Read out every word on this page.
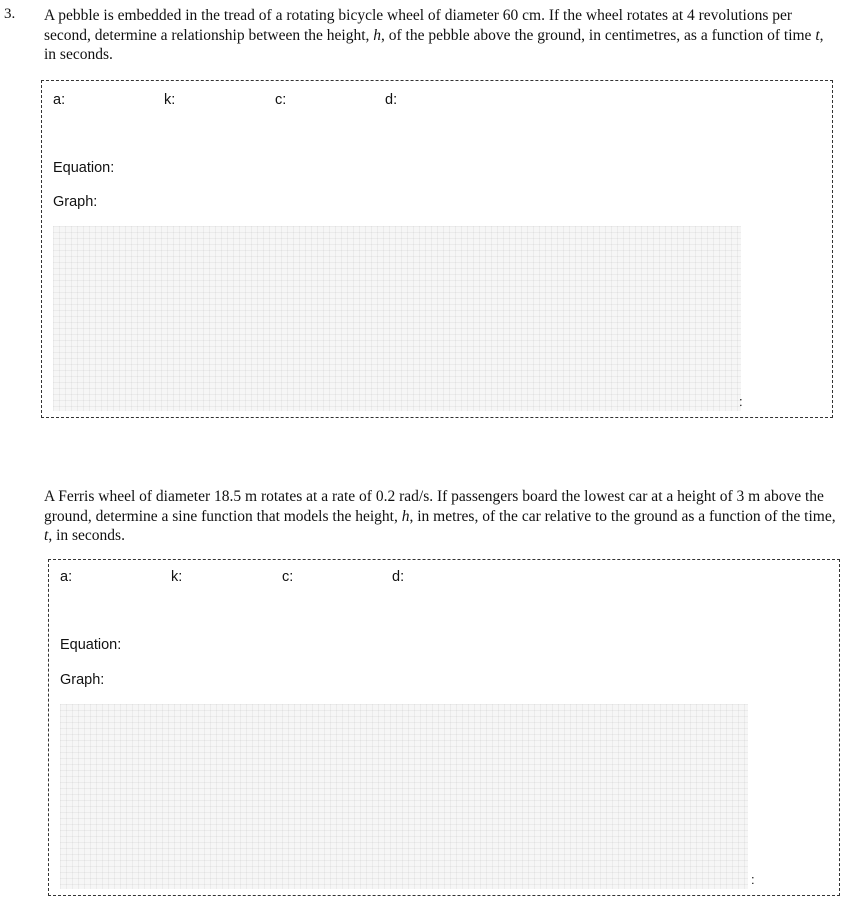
3. A pebble is embedded in the tread of a rotating bicycle wheel of diameter 60 cm. If the wheel rotates at 4 revolutions per second, determine a relationship between the height, h, of the pebble above the ground, in centimetres, as a function of time t, in seconds.

a:	k:	c:	d:
Equation:
Graph:
:

A Ferris wheel of diameter 18.5 m rotates at a rate of 0.2 rad/s. If passengers board the lowest car at a height of 3 m above the ground, determine a sine function that models the height, h, in metres, of the car relative to the ground as a function of the time, t, in seconds.

a:	k:	c:	d:
Equation:
Graph:
:
